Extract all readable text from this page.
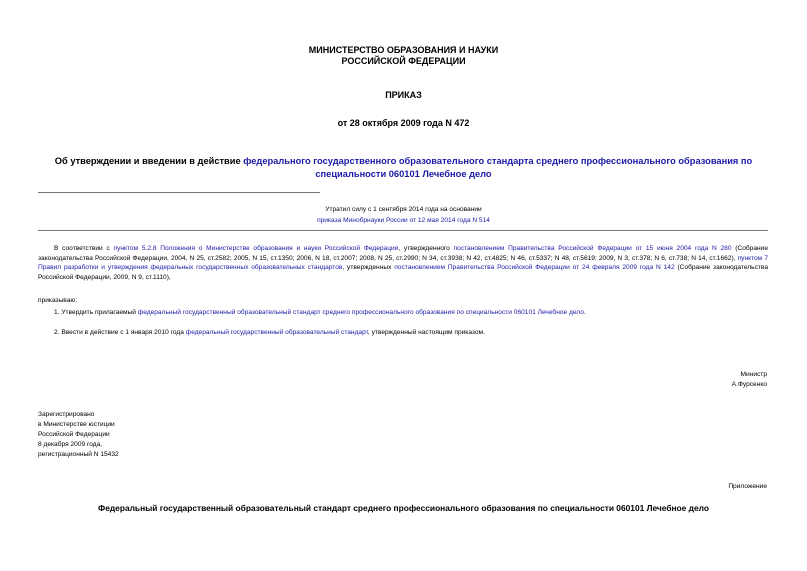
МИНИСТЕРСТВО ОБРАЗОВАНИЯ И НАУКИ
РОССИЙСКОЙ ФЕДЕРАЦИИ
ПРИКАЗ
от 28 октября 2009 года N 472
Об утверждении и введении в действие федерального государственного образовательного стандарта среднего профессионального образования по
специальности 060101 Лечебное дело
Утратил силу с 1 сентября 2014 года на основании
приказа Минобрнауки России от 12 мая 2014 года N 514
В соответствии с пунктом 5.2.8 Положения о Министерстве образования и науки Российской Федерации, утвержденного постановлением Правительства Российской Федерации от 15 июня 2004 года N 280 (Собрание законодательства Российской Федерации, 2004, N 25, ст.2582; 2005, N 15, ст.1350; 2006, N 18, ст.2007; 2008, N 25, ст.2990; N 34, ст.3938; N 42, ст.4825; N 46, ст.5337; N 48, ст.5619; 2009, N 3, ст.378; N 6, ст.738; N 14, ст.1662), пунктом 7 Правил разработки и утверждения федеральных государственных образовательных стандартов, утвержденных постановлением Правительства Российской Федерации от 24 февраля 2009 года N 142 (Собрание законодательства Российской Федерации, 2009, N 9, ст.1110),
приказываю:
1. Утвердить прилагаемый федеральный государственный образовательный стандарт среднего профессионального образования по специальности 060101 Лечебное дело.
2. Ввести в действие с 1 января 2010 года федеральный государственный образовательный стандарт, утвержденный настоящим приказом.
Министр
А.Фурсенко
Зарегистрировано
в Министерстве юстиции
Российской Федерации
8 декабря 2009 года,
регистрационный N 15432
Приложение
Федеральный государственный образовательный стандарт среднего профессионального образования по специальности 060101 Лечебное дело
